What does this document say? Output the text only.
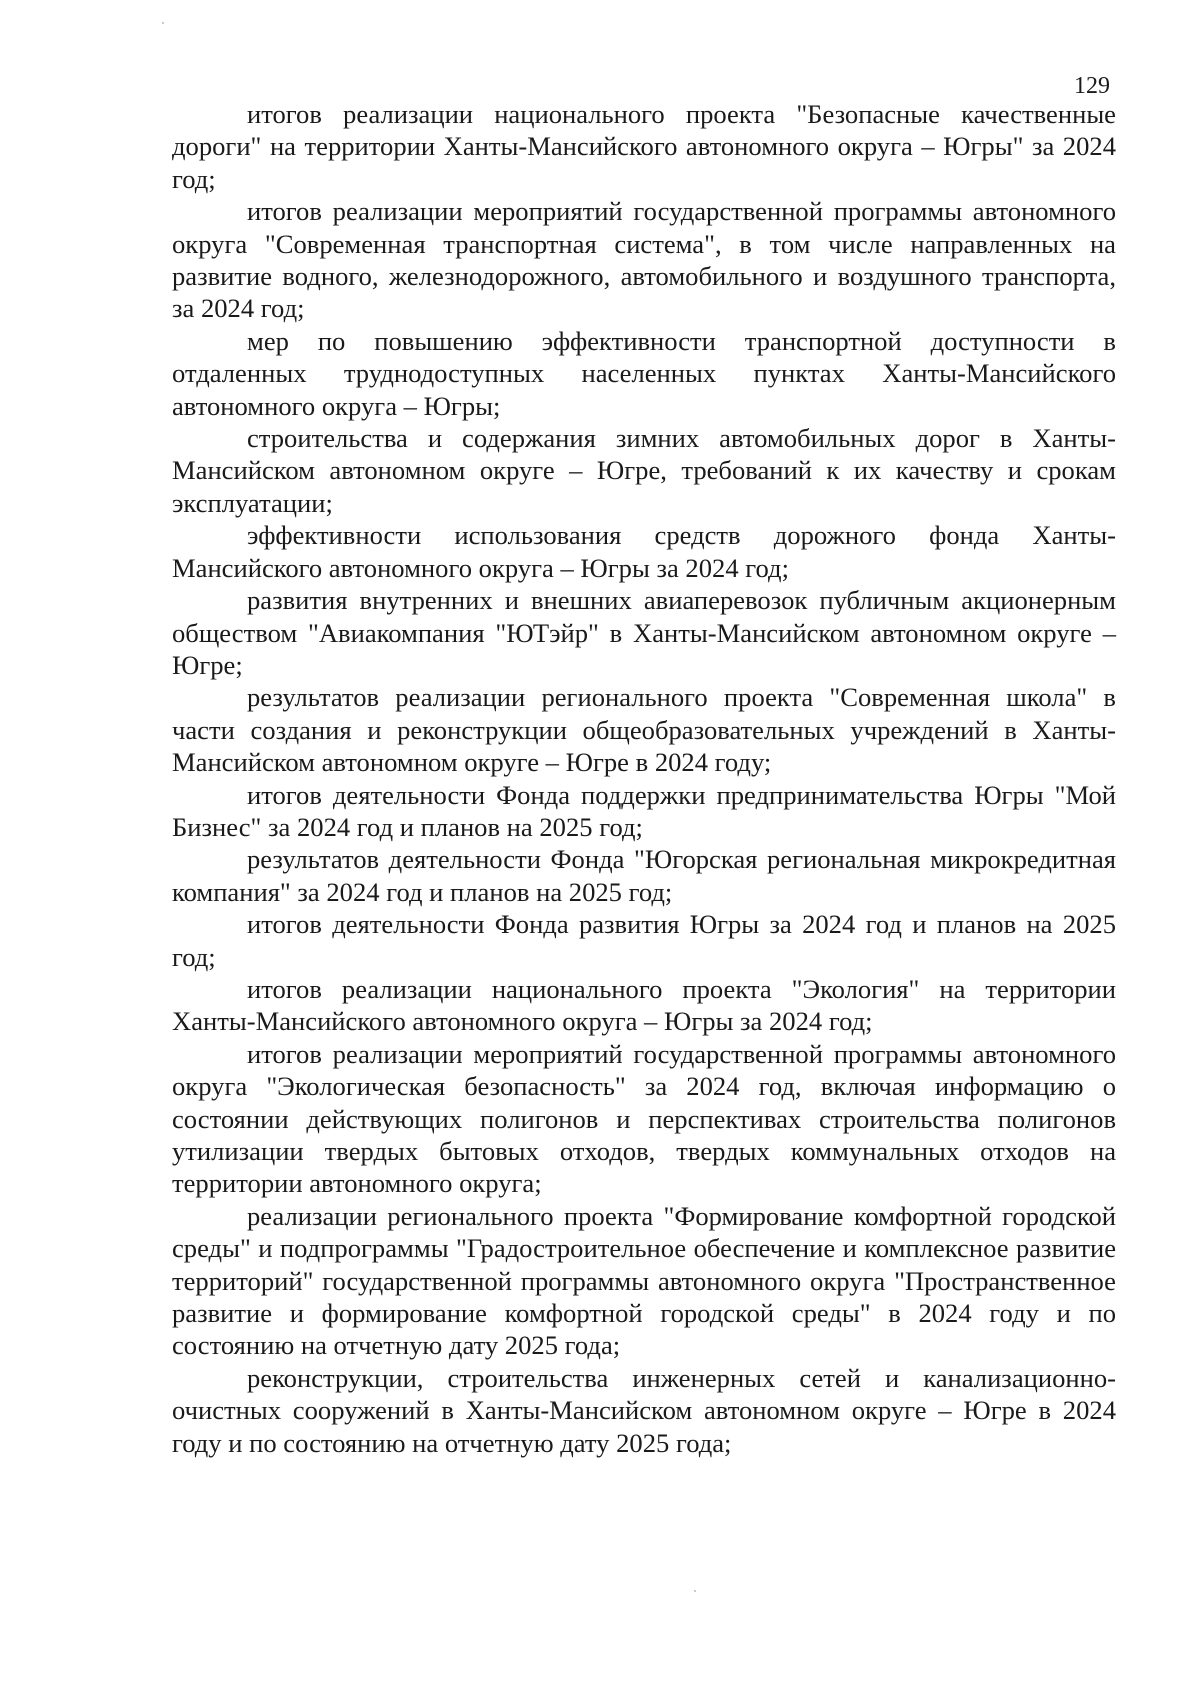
129

итогов реализации национального проекта "Безопасные качественные дороги" на территории Ханты-Мансийского автономного округа – Югры" за 2024 год;

итогов реализации мероприятий государственной программы автономного округа "Современная транспортная система", в том числе направленных на развитие водного, железнодорожного, автомобильного и воздушного транспорта, за 2024 год;

мер по повышению эффективности транспортной доступности в отдаленных труднодоступных населенных пунктах Ханты-Мансийского автономного округа – Югры;

строительства и содержания зимних автомобильных дорог в Ханты-Мансийском автономном округе – Югре, требований к их качеству и срокам эксплуатации;

эффективности использования средств дорожного фонда Ханты-Мансийского автономного округа – Югры за 2024 год;

развития внутренних и внешних авиаперевозок публичным акционерным обществом "Авиакомпания "ЮТэйр" в Ханты-Мансийском автономном округе – Югре;

результатов реализации регионального проекта "Современная школа" в части создания и реконструкции общеобразовательных учреждений в Ханты-Мансийском автономном округе – Югре в 2024 году;

итогов деятельности Фонда поддержки предпринимательства Югры "Мой Бизнес" за 2024 год и планов на 2025 год;

результатов деятельности Фонда "Югорская региональная микрокредитная компания" за 2024 год и планов на 2025 год;

итогов деятельности Фонда развития Югры за 2024 год и планов на 2025 год;

итогов реализации национального проекта "Экология" на территории Ханты-Мансийского автономного округа – Югры за 2024 год;

итогов реализации мероприятий государственной программы автономного округа "Экологическая безопасность" за 2024 год, включая информацию о состоянии действующих полигонов и перспективах строительства полигонов утилизации твердых бытовых отходов, твердых коммунальных отходов на территории автономного округа;

реализации регионального проекта "Формирование комфортной городской среды" и подпрограммы "Градостроительное обеспечение и комплексное развитие территорий" государственной программы автономного округа "Пространственное развитие и формирование комфортной городской среды" в 2024 году и по состоянию на отчетную дату 2025 года;

реконструкции, строительства инженерных сетей и канализационно-очистных сооружений в Ханты-Мансийском автономном округе – Югре в 2024 году и по состоянию на отчетную дату 2025 года;
